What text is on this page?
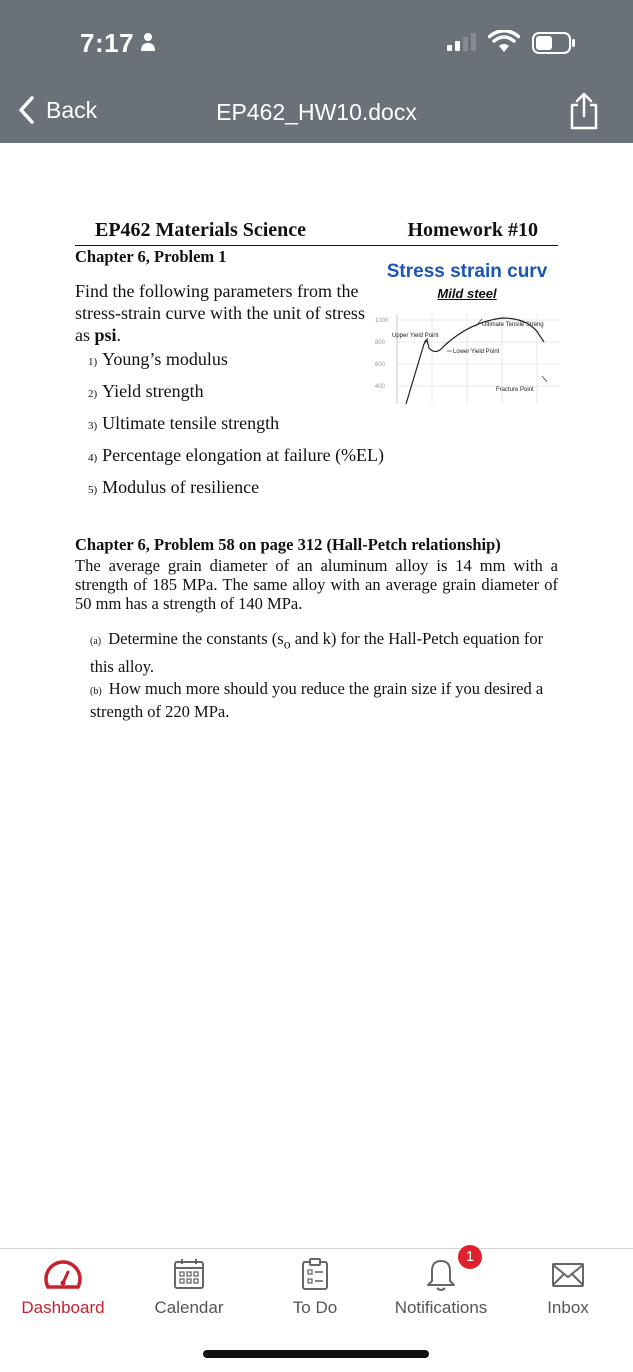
7:17
Back	EP462_HW10.docx
EP462 Materials Science	Homework #10
Chapter 6, Problem 1
Find the following parameters from the stress-strain curve with the unit of stress as psi.
1) Young’s modulus
2) Yield strength
3) Ultimate tensile strength
4) Percentage elongation at failure (%EL)
5) Modulus of resilience
Stress strain curv
Mild steel
1000
800
600
400
Upper Yield Point
Ultimate Tensile Streng
Lower Yield Point
Fracture Point
Chapter 6, Problem 58 on page 312 (Hall-Petch relationship)
The average grain diameter of an aluminum alloy is 14 mm with a strength of 185 MPa. The same alloy with an average grain diameter of 50 mm has a strength of 140 MPa.
(a) Determine the constants ($s_o$ and k) for the Hall-Petch equation for this alloy.
(b) How much more should you reduce the grain size if you desired a strength of 220 MPa.
Dashboard	Calendar
1
To Do	Notifications	Inbox
